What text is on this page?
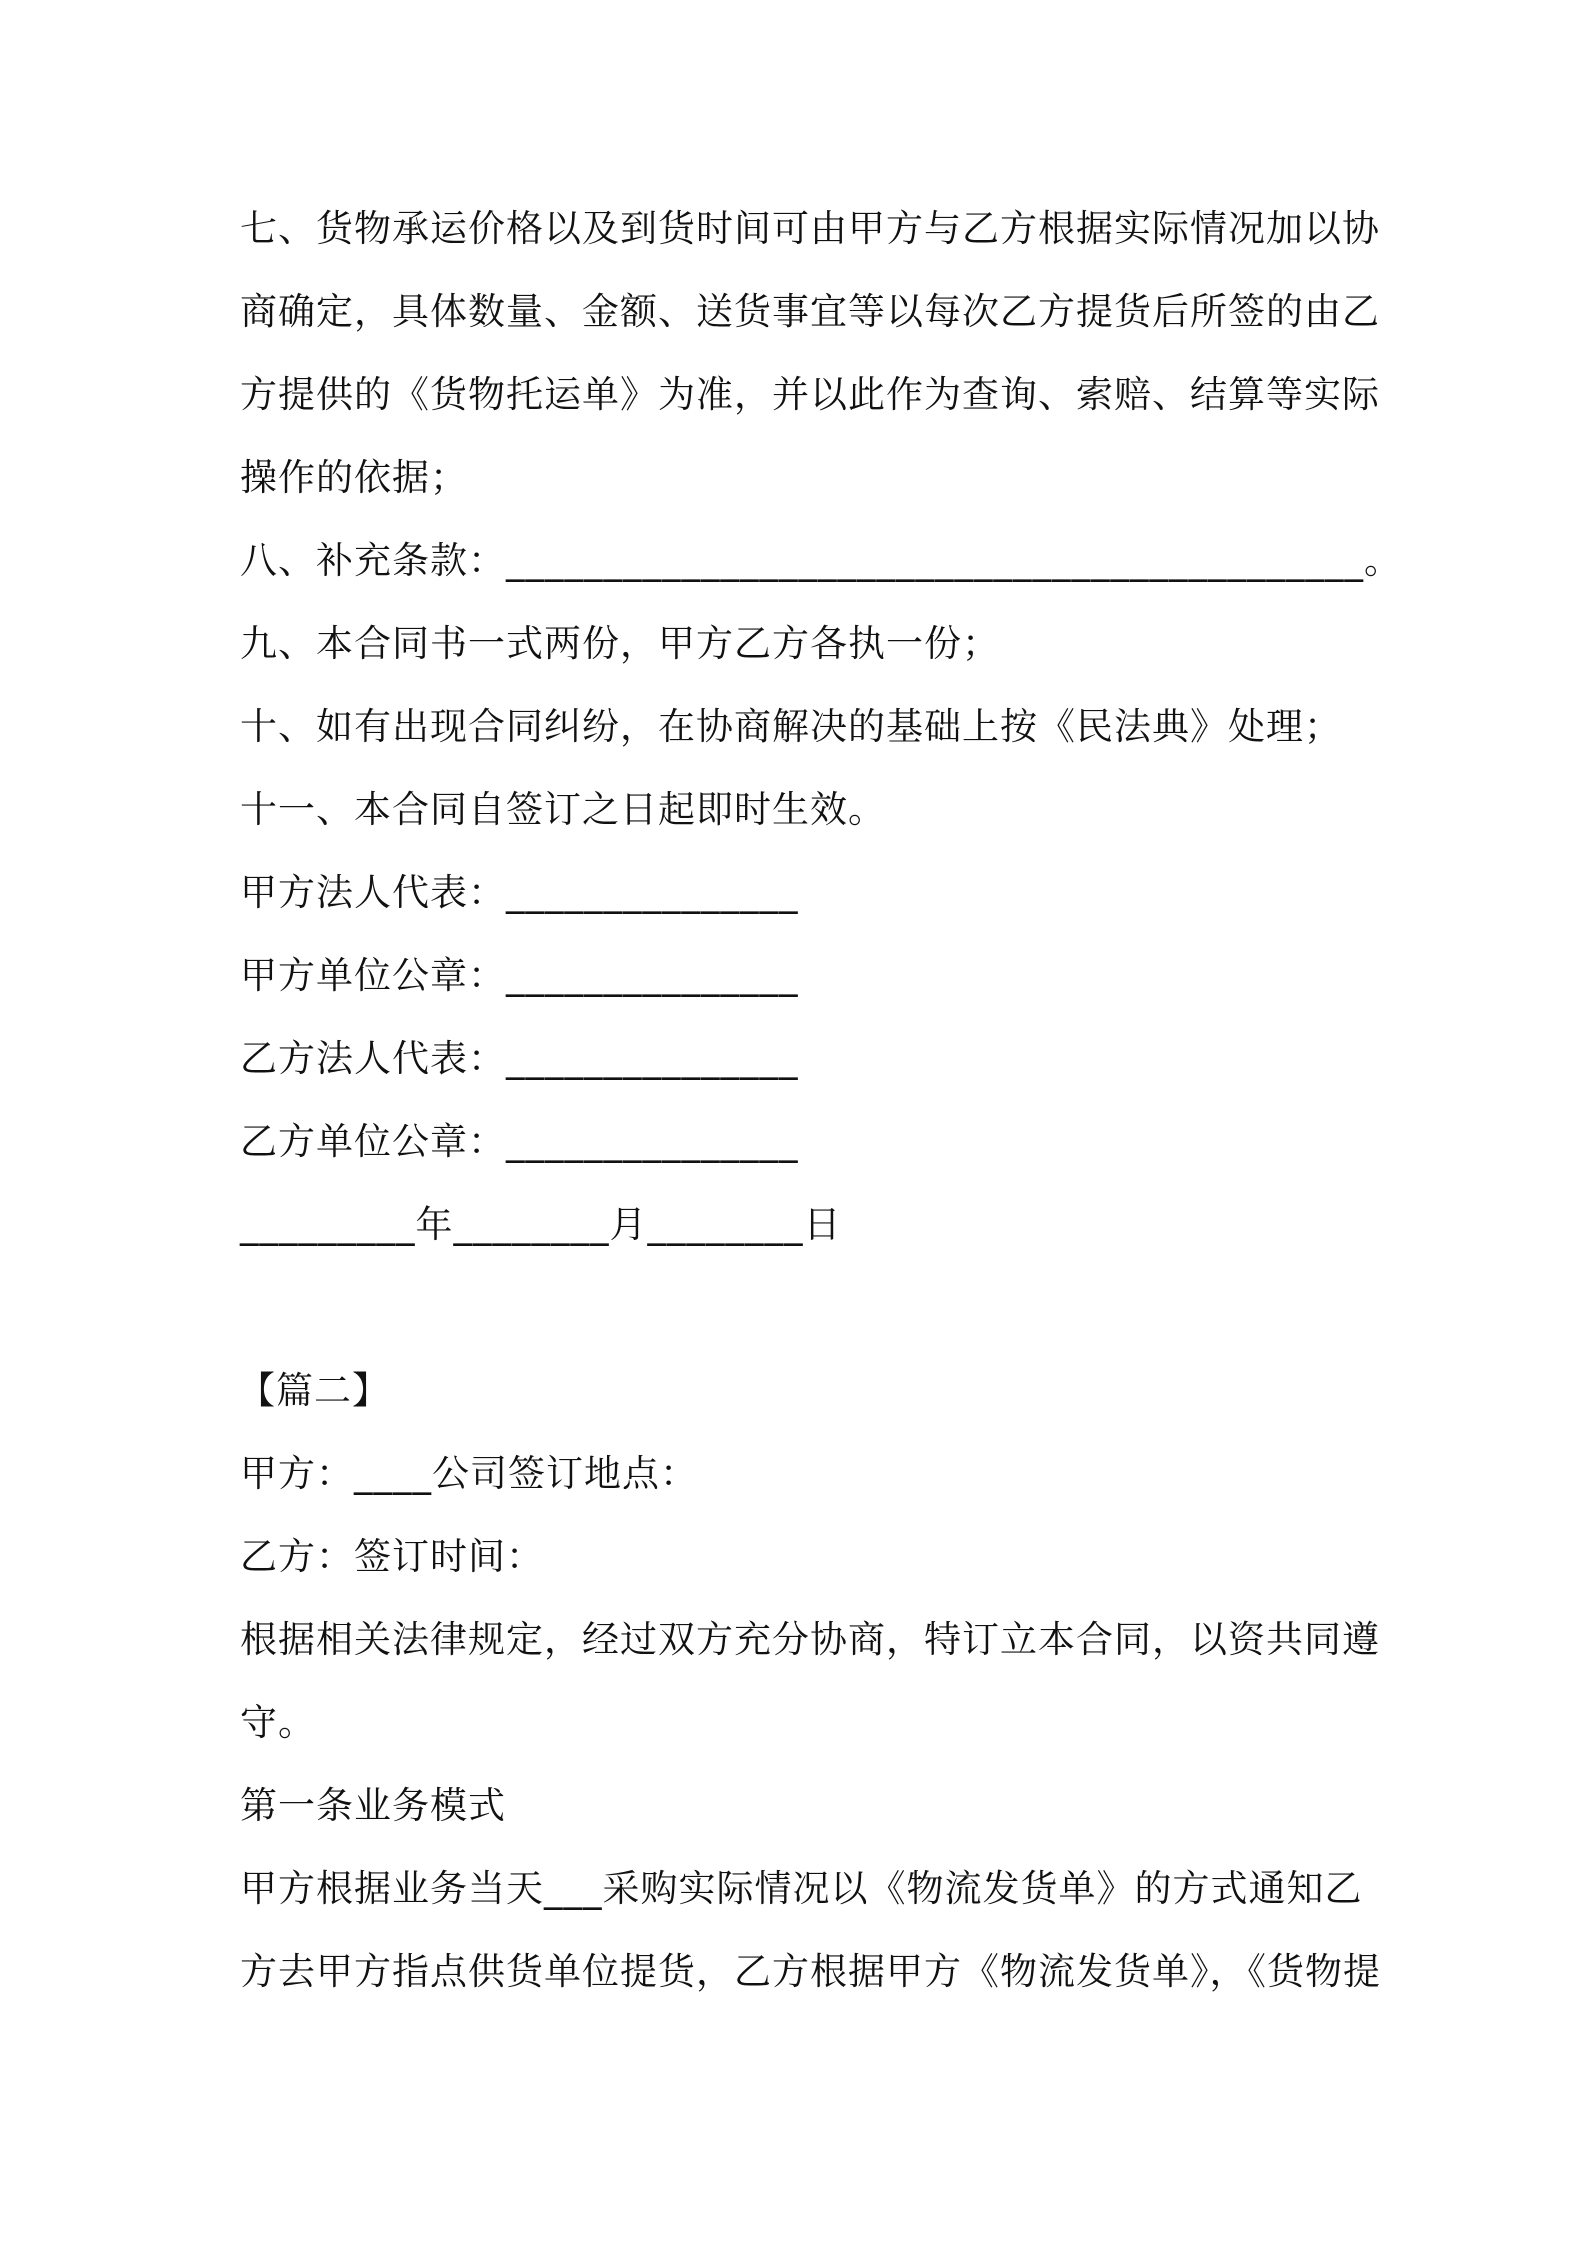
七、货物承运价格以及到货时间可由甲方与乙方根据实际情况加以协
商确定，具体数量、金额、送货事宜等以每次乙方提货后所签的由乙
方提供的《货物托运单》为准，并以此作为查询、索赔、结算等实际
操作的依据；
八、补充条款：____________________________________________。
九、本合同书一式两份，甲方乙方各执一份；
十、如有出现合同纠纷，在协商解决的基础上按《民法典》处理；
十一、本合同自签订之日起即时生效。
甲方法人代表：_______________
甲方单位公章：_______________
乙方法人代表：_______________
乙方单位公章：_______________
_________年________月________日
【篇二】
甲方：____公司签订地点：
乙方：签订时间：
根据相关法律规定，经过双方充分协商，特订立本合同，以资共同遵
守。
第一条业务模式
甲方根据业务当天___采购实际情况以《物流发货单》的方式通知乙
方去甲方指点供货单位提货，乙方根据甲方《物流发货单》，《货物提
